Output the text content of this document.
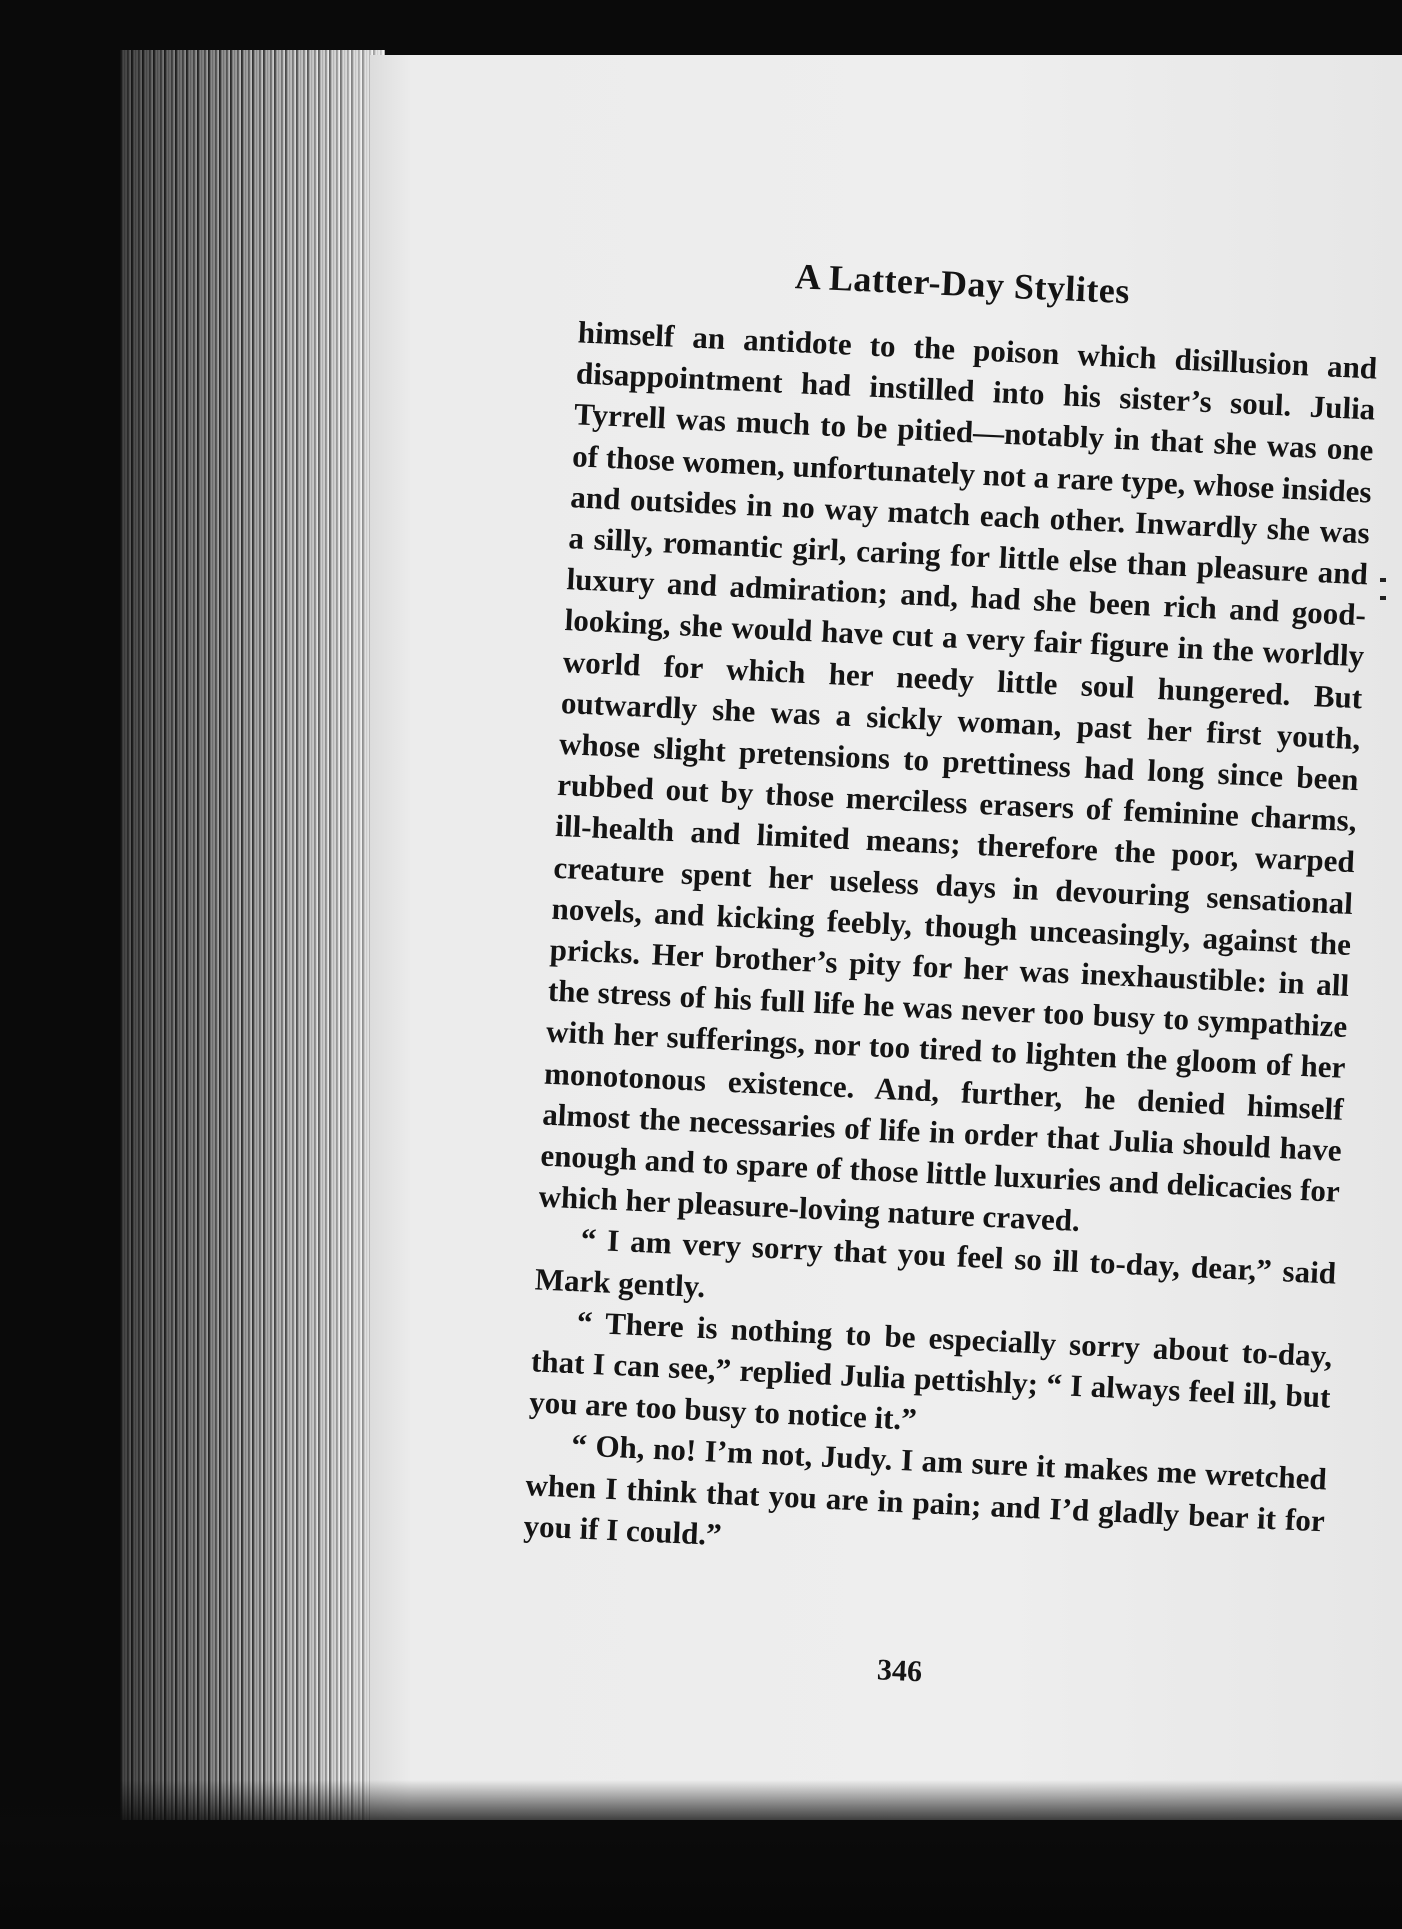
A Latter-Day Stylites

himself an antidote to the poison which disillusion and disappointment had instilled into his sister’s soul. Julia Tyrrell was much to be pitied—notably in that she was one of those women, unfortunately not a rare type, whose insides and outsides in no way match each other. Inwardly she was a silly, romantic girl, caring for little else than pleasure and luxury and admiration; and, had she been rich and good-looking, she would have cut a very fair figure in the worldly world for which her needy little soul hungered. But outwardly she was a sickly woman, past her first youth, whose slight pretensions to prettiness had long since been rubbed out by those merciless erasers of feminine charms, ill-health and limited means; therefore the poor, warped creature spent her useless days in devouring sensational novels, and kicking feebly, though unceasingly, against the pricks. Her brother’s pity for her was inexhaustible: in all the stress of his full life he was never too busy to sympathize with her sufferings, nor too tired to lighten the gloom of her monotonous existence. And, further, he denied himself almost the necessaries of life in order that Julia should have enough and to spare of those little luxuries and delicacies for which her pleasure-loving nature craved.

“ I am very sorry that you feel so ill to-day, dear,” said Mark gently.

“ There is nothing to be especially sorry about to-day, that I can see,” replied Julia pettishly; “ I always feel ill, but you are too busy to notice it.”

“ Oh, no! I’m not, Judy. I am sure it makes me wretched when I think that you are in pain; and I’d gladly bear it for you if I could.”

346
